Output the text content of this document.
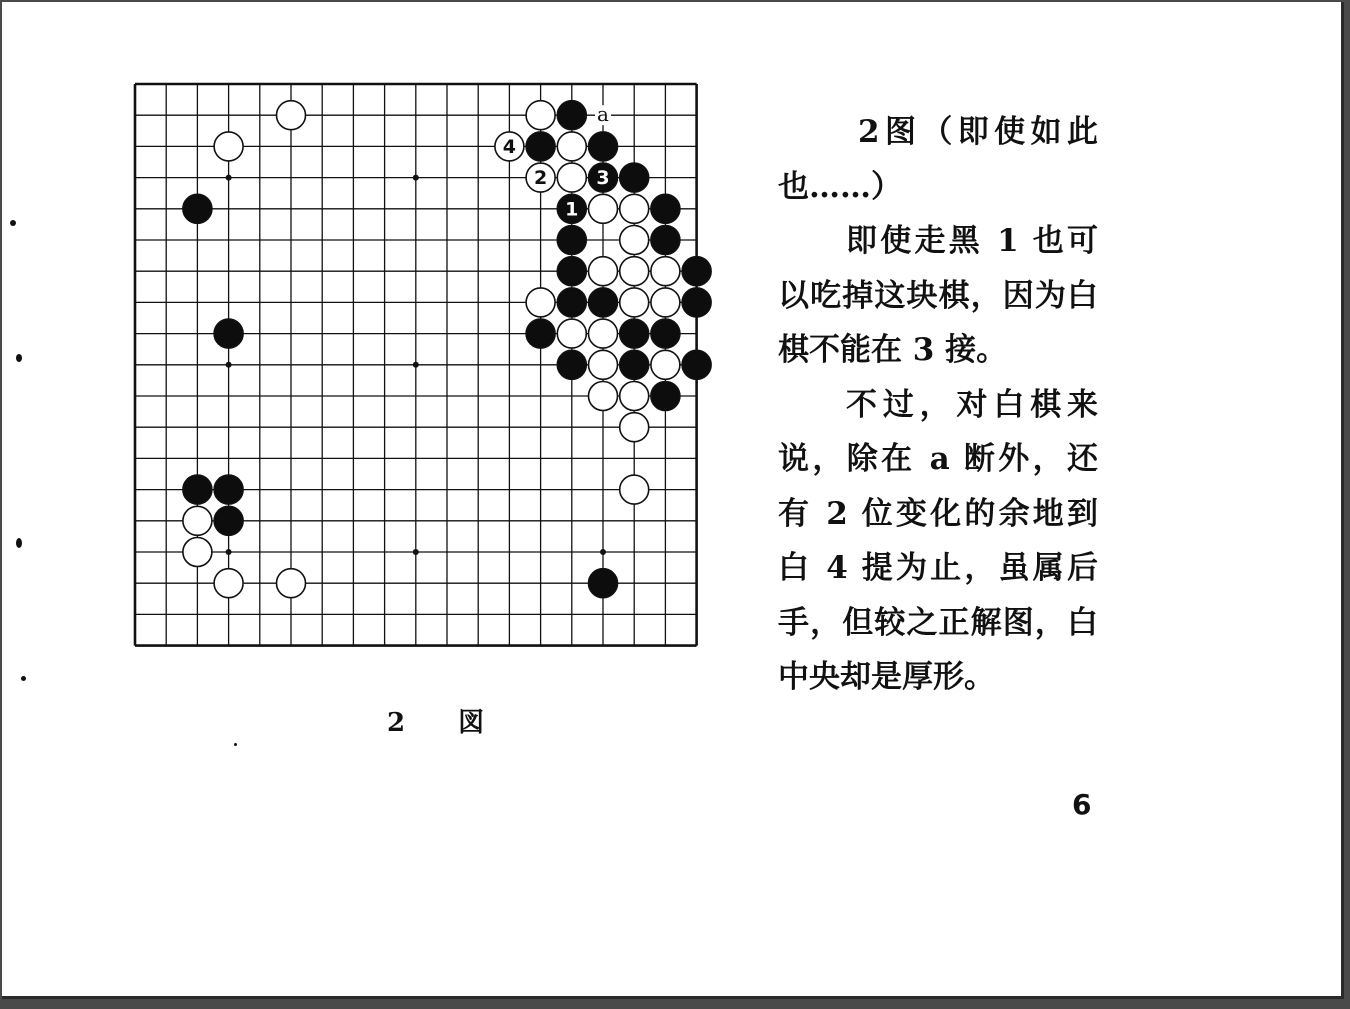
4
2	3
1
a
2 図

2图（即使如此也……）

即使走黑 1 也可以吃掉这块棋，因为白棋不能在 3 接。

不过，对白棋来说，除在 a 断外，还有 2 位变化的余地到白 4 提为止，虽属后手，但较之正解图，白中央却是厚形。

6
